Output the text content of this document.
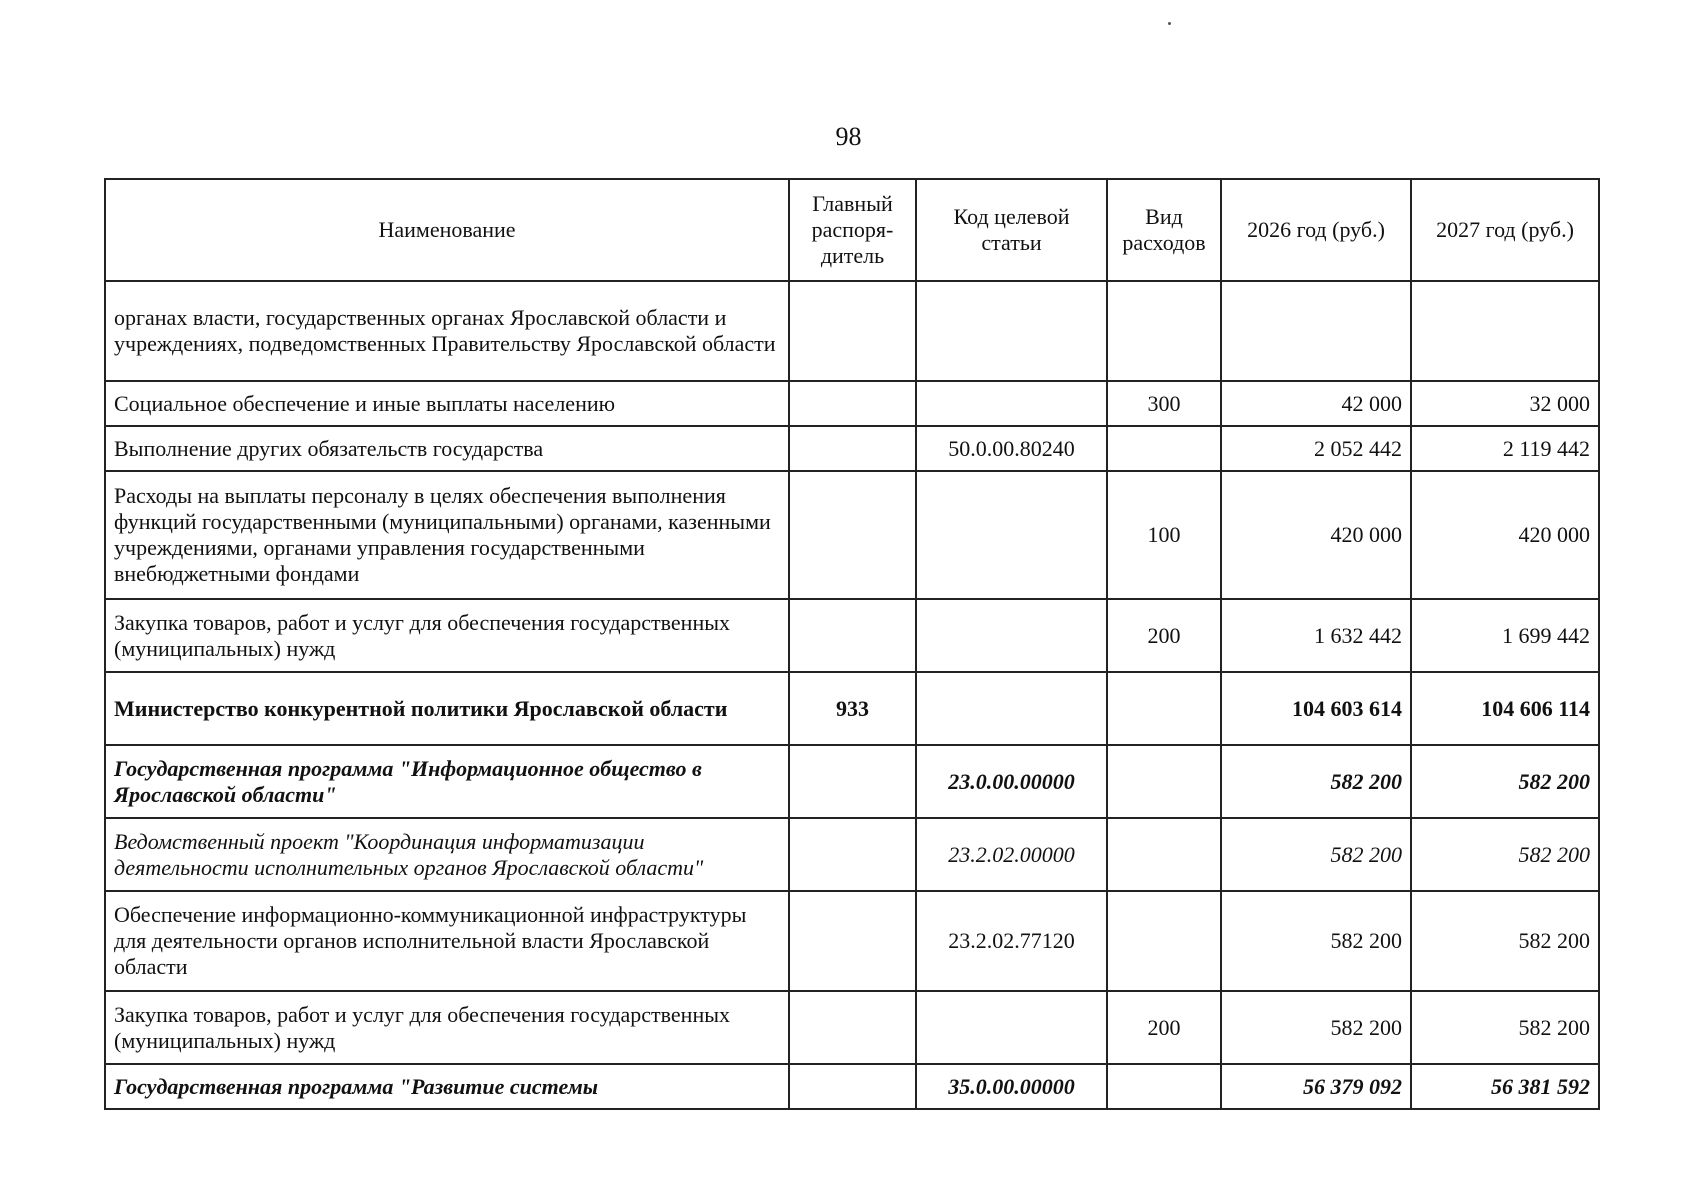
98
Наименование	Главный распоря-дитель	Код целевой статьи	Вид расходов	2026 год (руб.)	2027 год (руб.)
органах власти, государственных органах Ярославской области и учреждениях, подведомственных Правительству Ярославской области					
Социальное обеспечение и иные выплаты населению			300	42 000	32 000
Выполнение других обязательств государства		50.0.00.80240		2 052 442	2 119 442
Расходы на выплаты персоналу в целях обеспечения выполнения функций государственными (муниципальными) органами, казенными учреждениями, органами управления государственными внебюджетными фондами			100	420 000	420 000
Закупка товаров, работ и услуг для обеспечения государственных (муниципальных) нужд			200	1 632 442	1 699 442
Министерство конкурентной политики Ярославской области	933			104 603 614	104 606 114
Государственная программа "Информационное общество в Ярославской области"		23.0.00.00000		582 200	582 200
Ведомственный проект "Координация информатизации деятельности исполнительных органов Ярославской области"		23.2.02.00000		582 200	582 200
Обеспечение информационно-коммуникационной инфраструктуры для деятельности органов исполнительной власти Ярославской области		23.2.02.77120		582 200	582 200
Закупка товаров, работ и услуг для обеспечения государственных (муниципальных) нужд			200	582 200	582 200
Государственная программа "Развитие системы		35.0.00.00000		56 379 092	56 381 592
